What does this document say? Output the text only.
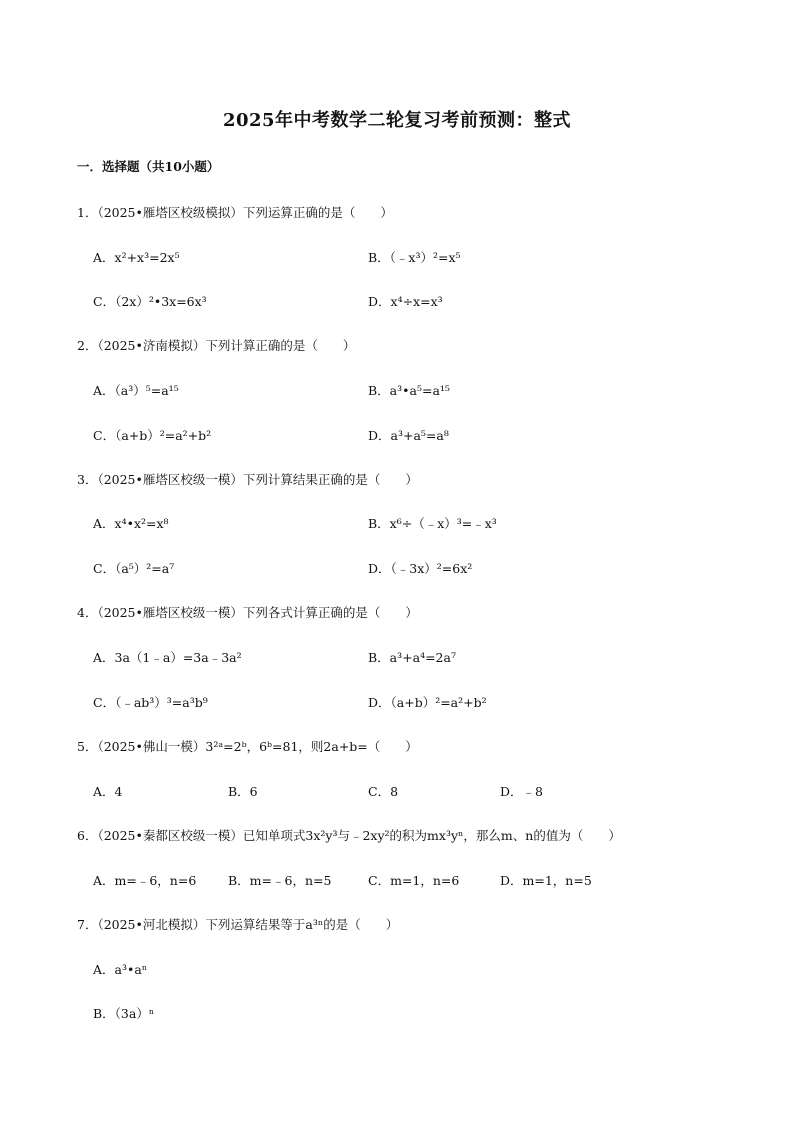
2025年中考数学二轮复习考前预测：整式
一．选择题（共10小题）
1．（2025•雁塔区校级模拟）下列运算正确的是（　　）
A．x²+x³=2x⁵	B．（﹣x³）²=x⁵
C．（2x）²•3x=6x³	D．x⁴÷x=x³
2．（2025•济南模拟）下列计算正确的是（　　）
A．（a³）⁵=a¹⁵	B．a³•a⁵=a¹⁵
C．（a+b）²=a²+b²	D．a³+a⁵=a⁸
3．（2025•雁塔区校级一模）下列计算结果正确的是（　　）
A．x⁴•x²=x⁸	B．x⁶÷（﹣x）³=﹣x³
C．（a⁵）²=a⁷	D．（﹣3x）²=6x²
4．（2025•雁塔区校级一模）下列各式计算正确的是（　　）
A．3a（1﹣a）=3a﹣3a²	B．a³+a⁴=2a⁷
C．（﹣ab³）³=a³b⁹	D．（a+b）²=a²+b²
5．（2025•佛山一模）3²ᵃ=2ᵇ，6ᵇ=81，则2a+b=（　　）
A．4	B．6	C．8	D．﹣8
6．（2025•秦都区校级一模）已知单项式3x²y³与﹣2xy²的积为mx³yⁿ，那么m、n的值为（　　）
A．m=﹣6，n=6	B．m=﹣6，n=5	C．m=1，n=6	D．m=1，n=5
7．（2025•河北模拟）下列运算结果等于a³ⁿ的是（　　）
A．a³•aⁿ
B．（3a）ⁿ
